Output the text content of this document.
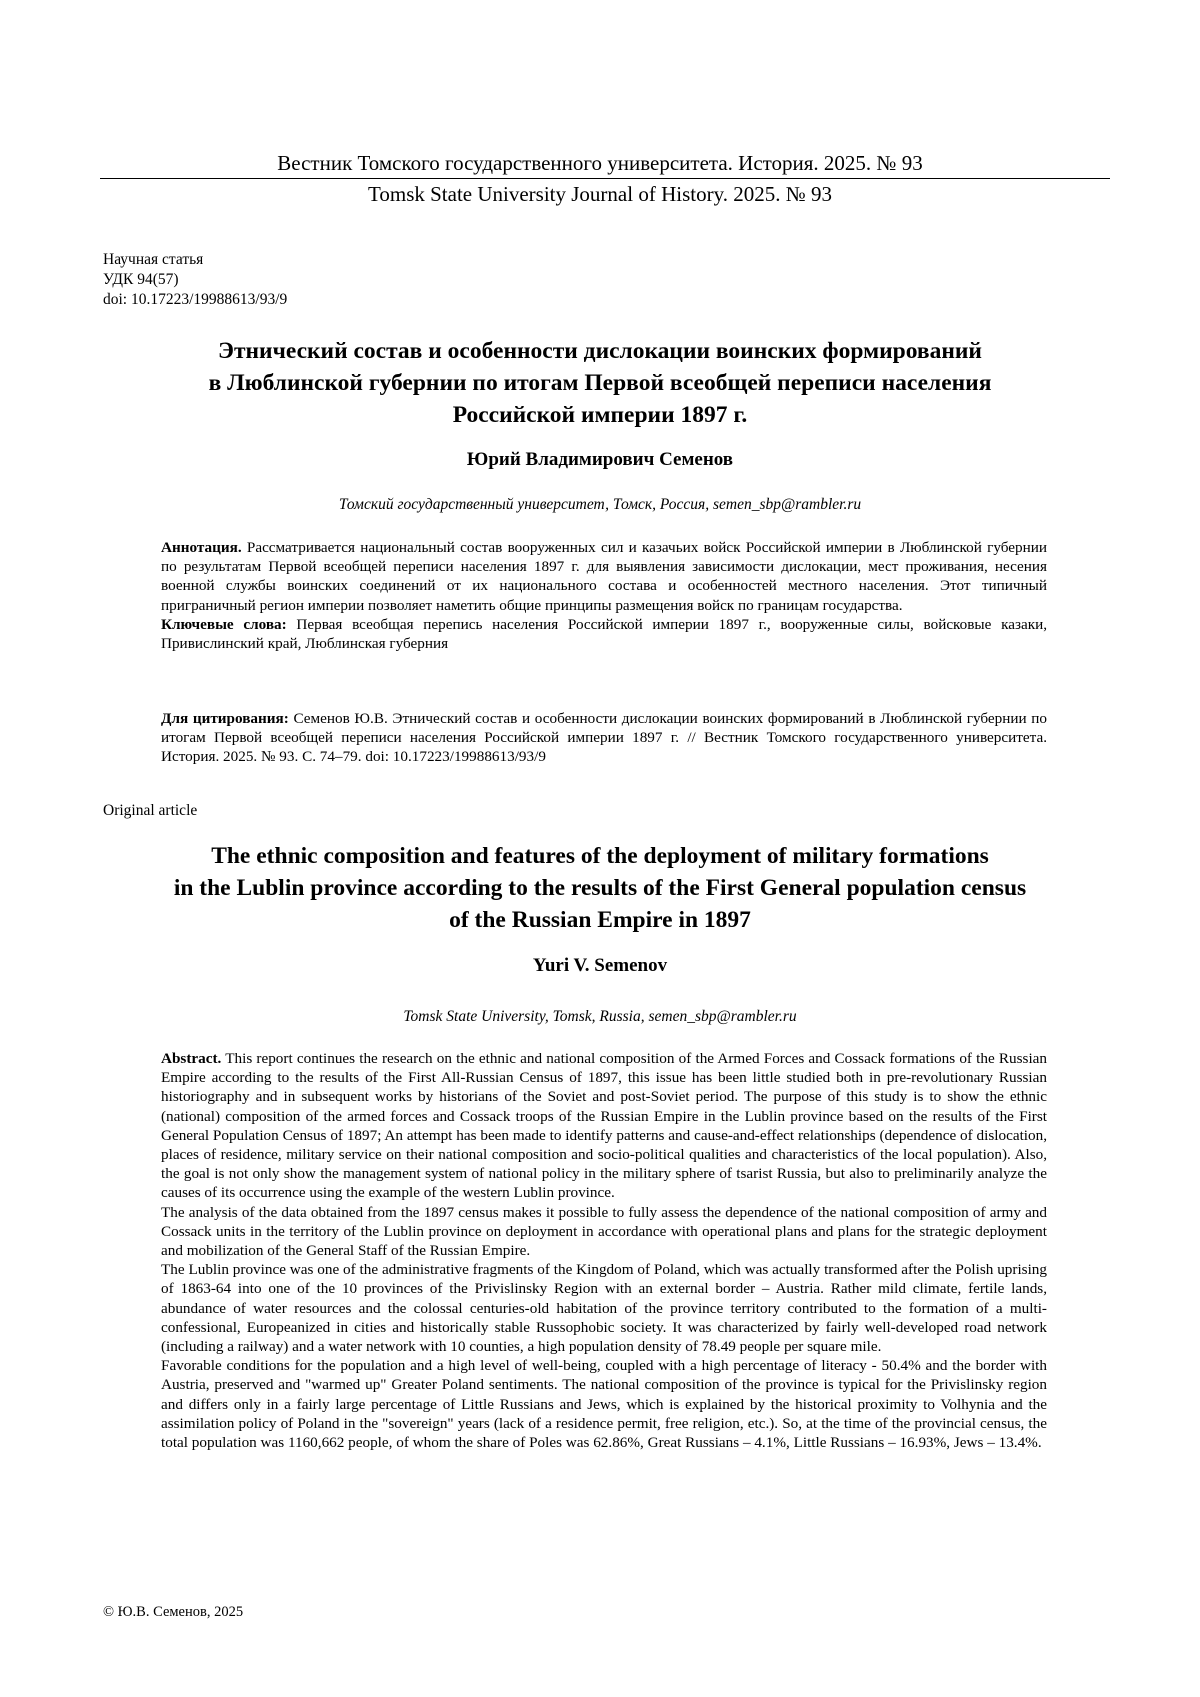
Вестник Томского государственного университета. История. 2025. № 93
Tomsk State University Journal of History. 2025. № 93
Научная статья
УДК 94(57)
doi: 10.17223/19988613/93/9
Этнический состав и особенности дислокации воинских формирований
в Люблинской губернии по итогам Первой всеобщей переписи населения
Российской империи 1897 г.
Юрий Владимирович Семенов
Томский государственный университет, Томск, Россия, semen_sbp@rambler.ru

Аннотация. Рассматривается национальный состав вооруженных сил и казачьих войск Российской империи в Люблинской губернии по результатам Первой всеобщей переписи населения 1897 г. для выявления зависимости дислокации, мест проживания, несения военной службы воинских соединений от их национального состава и особенностей местного населения. Этот типичный приграничный регион империи позволяет наметить общие принципы размещения войск по границам государства.

Ключевые слова: Первая всеобщая перепись населения Российской империи 1897 г., вооруженные силы, войсковые казаки, Привислинский край, Люблинская губерния

Для цитирования: Семенов Ю.В. Этнический состав и особенности дислокации воинских формирований в Люблинской губернии по итогам Первой всеобщей переписи населения Российской империи 1897 г. // Вестник Томского государственного университета. История. 2025. № 93. С. 74–79. doi: 10.17223/19988613/93/9

Original article
The ethnic composition and features of the deployment of military formations
in the Lublin province according to the results of the First General population census
of the Russian Empire in 1897
Yuri V. Semenov
Tomsk State University, Tomsk, Russia, semen_sbp@rambler.ru

Abstract. This report continues the research on the ethnic and national composition of the Armed Forces and Cossack formations of the Russian Empire according to the results of the First All-Russian Census of 1897, this issue has been little studied both in pre-revolutionary Russian historiography and in subsequent works by historians of the Soviet and post-Soviet period. The purpose of this study is to show the ethnic (national) composition of the armed forces and Cossack troops of the Russian Empire in the Lublin province based on the results of the First General Population Census of 1897; An attempt has been made to identify patterns and cause-and-effect relationships (dependence of dislocation, places of residence, military service on their national composition and socio-political qualities and characteristics of the local population). Also, the goal is not only show the management system of national policy in the military sphere of tsarist Russia, but also to preliminarily analyze the causes of its occurrence using the example of the western Lublin province.

The analysis of the data obtained from the 1897 census makes it possible to fully assess the dependence of the national composition of army and Cossack units in the territory of the Lublin province on deployment in accordance with operational plans and plans for the strategic deployment and mobilization of the General Staff of the Russian Empire.

The Lublin province was one of the administrative fragments of the Kingdom of Poland, which was actually transformed after the Polish uprising of 1863-64 into one of the 10 provinces of the Privislinsky Region with an external border – Austria. Rather mild climate, fertile lands, abundance of water resources and the colossal centuries-old habitation of the province territory contributed to the formation of a multi-confessional, Europeanized in cities and historically stable Russophobic society. It was characterized by fairly well-developed road network (including a railway) and a water network with 10 counties, a high population density of 78.49 people per square mile.

Favorable conditions for the population and a high level of well-being, coupled with a high percentage of literacy - 50.4% and the border with Austria, preserved and "warmed up" Greater Poland sentiments. The national composition of the province is typical for the Privislinsky region and differs only in a fairly large percentage of Little Russians and Jews, which is explained by the historical proximity to Volhynia and the assimilation policy of Poland in the "sovereign" years (lack of a residence permit, free religion, etc.). So, at the time of the provincial census, the total population was 1160,662 people, of whom the share of Poles was 62.86%, Great Russians – 4.1%, Little Russians – 16.93%, Jews – 13.4%.

© Ю.В. Семенов, 2025
